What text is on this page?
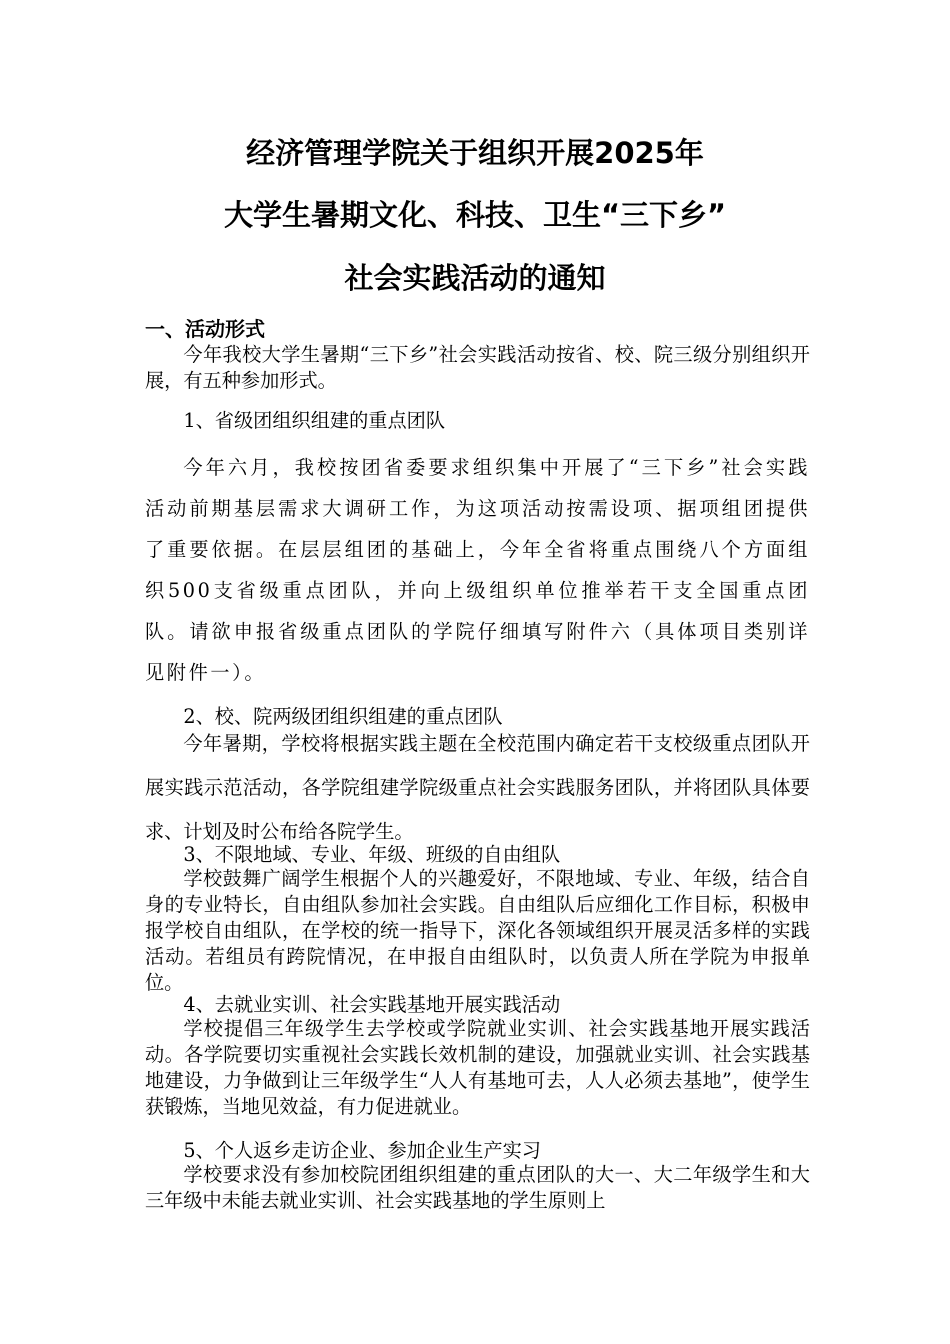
经济管理学院关于组织开展2025年
大学生暑期文化、科技、卫生“三下乡”
社会实践活动的通知
一、活动形式

今年我校大学生暑期“三下乡”社会实践活动按省、校、院三级分别组织开展，有五种参加形式。

1、省级团组织组建的重点团队

今年六月，我校按团省委要求组织集中开展了“三下乡”社会实践活动前期基层需求大调研工作，为这项活动按需设项、据项组团提供了重要依据。在层层组团的基础上，今年全省将重点围绕八个方面组织500支省级重点团队，并向上级组织单位推举若干支全国重点团队。请欲申报省级重点团队的学院仔细填写附件六（具体项目类别详见附件一）。

2、校、院两级团组织组建的重点团队

今年暑期，学校将根据实践主题在全校范围内确定若干支校级重点团队开展实践示范活动，各学院组建学院级重点社会实践服务团队，并将团队具体要求、计划及时公布给各院学生。

3、不限地域、专业、年级、班级的自由组队

学校鼓舞广阔学生根据个人的兴趣爱好，不限地域、专业、年级，结合自身的专业特长，自由组队参加社会实践。自由组队后应细化工作目标，积极申报学校自由组队，在学校的统一指导下，深化各领域组织开展灵活多样的实践活动。若组员有跨院情况，在申报自由组队时，以负责人所在学院为申报单位。

4、去就业实训、社会实践基地开展实践活动

学校提倡三年级学生去学校或学院就业实训、社会实践基地开展实践活动。各学院要切实重视社会实践长效机制的建设，加强就业实训、社会实践基地建设，力争做到让三年级学生“人人有基地可去，人人必须去基地”，使学生获锻炼，当地见效益，有力促进就业。

5、个人返乡走访企业、参加企业生产实习

学校要求没有参加校院团组织组建的重点团队的大一、大二年级学生和大三年级中未能去就业实训、社会实践基地的学生原则上
